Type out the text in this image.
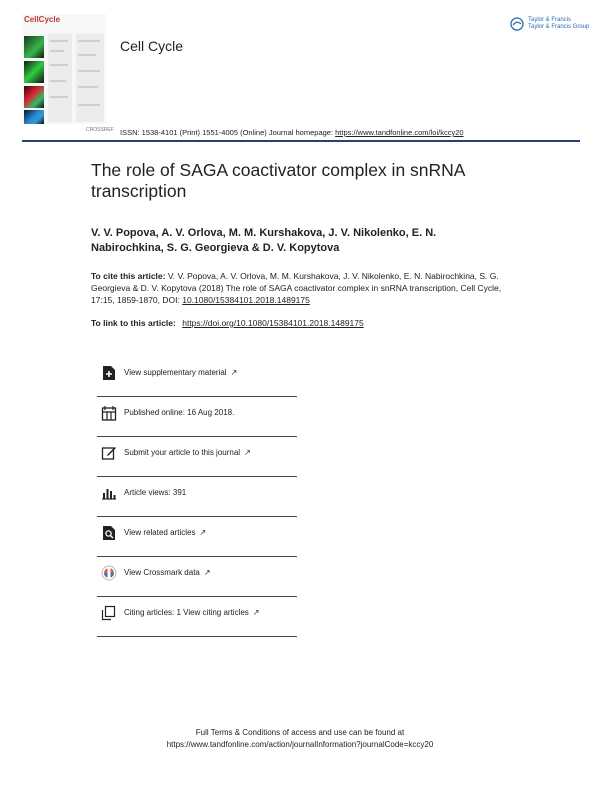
CellCycle
Cell Cycle
Taylor & Francis
Taylor & Francis Group
CROSSREF ISSN: 1538-4101 (Print) 1551-4005 (Online) Journal homepage: https://www.tandfonline.com/loi/kccy20
The role of SAGA coactivator complex in snRNA transcription
V. V. Popova, A. V. Orlova, M. M. Kurshakova, J. V. Nikolenko, E. N. Nabirochkina, S. G. Georgieva & D. V. Kopytova
To cite this article: V. V. Popova, A. V. Orlova, M. M. Kurshakova, J. V. Nikolenko, E. N. Nabirochkina, S. G. Georgieva & D. V. Kopytova (2018) The role of SAGA coactivator complex in snRNA transcription, Cell Cycle, 17:15, 1859-1870, DOI: 10.1080/15384101.2018.1489175
To link to this article: https://doi.org/10.1080/15384101.2018.1489175
View supplementary material ↗
Published online: 16 Aug 2018.
Submit your article to this journal ↗
Article views: 391
View related articles ↗
View Crossmark data ↗
Citing articles: 1 View citing articles ↗
Full Terms & Conditions of access and use can be found at
https://www.tandfonline.com/action/journalInformation?journalCode=kccy20
